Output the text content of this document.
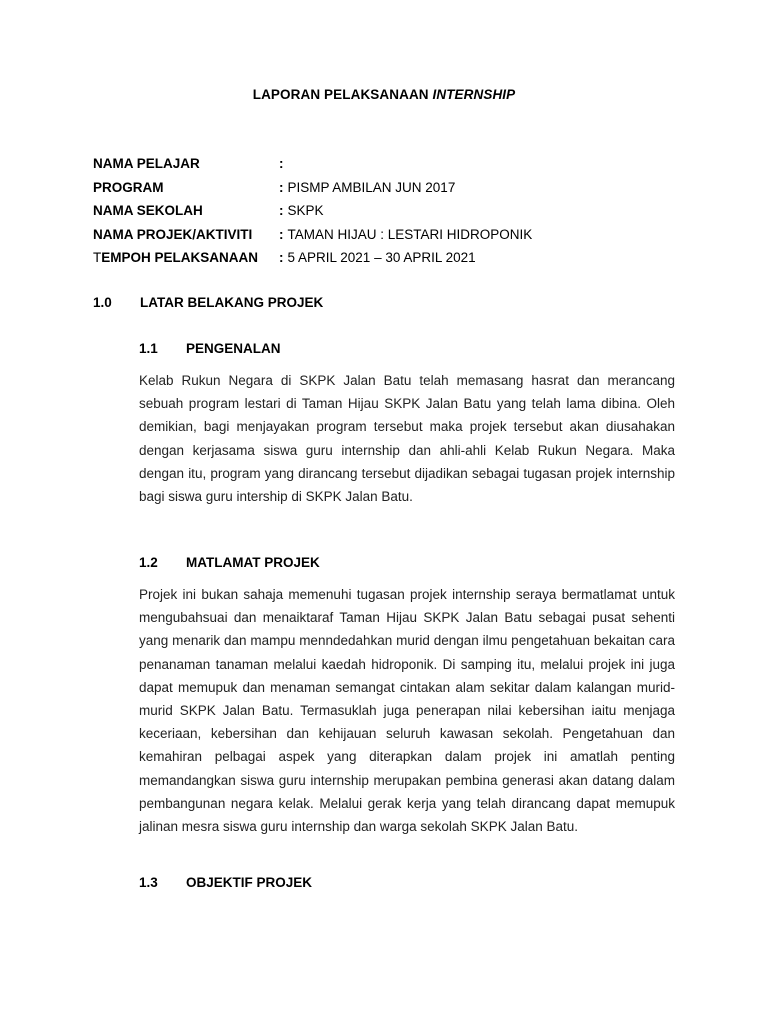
LAPORAN PELAKSANAAN INTERNSHIP
NAMA PELAJAR	:
PROGRAM	: PISMP AMBILAN JUN 2017
NAMA SEKOLAH	: SKPK
NAMA PROJEK/AKTIVITI	: TAMAN HIJAU : LESTARI HIDROPONIK
TEMPOH PELAKSANAAN	: 5 APRIL 2021 – 30 APRIL 2021
1.0 LATAR BELAKANG PROJEK
1.1 PENGENALAN

Kelab Rukun Negara di SKPK Jalan Batu telah memasang hasrat dan merancang sebuah program lestari di Taman Hijau SKPK Jalan Batu yang telah lama dibina. Oleh demikian, bagi menjayakan program tersebut maka projek tersebut akan diusahakan dengan kerjasama siswa guru internship dan ahli-ahli Kelab Rukun Negara. Maka dengan itu, program yang dirancang tersebut dijadikan sebagai tugasan projek internship bagi siswa guru intership di SKPK Jalan Batu.

1.2 MATLAMAT PROJEK

Projek ini bukan sahaja memenuhi tugasan projek internship seraya bermatlamat untuk mengubahsuai dan menaiktaraf Taman Hijau SKPK Jalan Batu sebagai pusat sehenti yang menarik dan mampu menndedahkan murid dengan ilmu pengetahuan bekaitan cara penanaman tanaman melalui kaedah hidroponik. Di samping itu, melalui projek ini juga dapat memupuk dan menaman semangat cintakan alam sekitar dalam kalangan murid-murid SKPK Jalan Batu. Termasuklah juga penerapan nilai kebersihan iaitu menjaga keceriaan, kebersihan dan kehijauan seluruh kawasan sekolah. Pengetahuan dan kemahiran pelbagai aspek yang diterapkan dalam projek ini amatlah penting memandangkan siswa guru internship merupakan pembina generasi akan datang dalam pembangunan negara kelak. Melalui gerak kerja yang telah dirancang dapat memupuk jalinan mesra siswa guru internship dan warga sekolah SKPK Jalan Batu.

1.3 OBJEKTIF PROJEK
